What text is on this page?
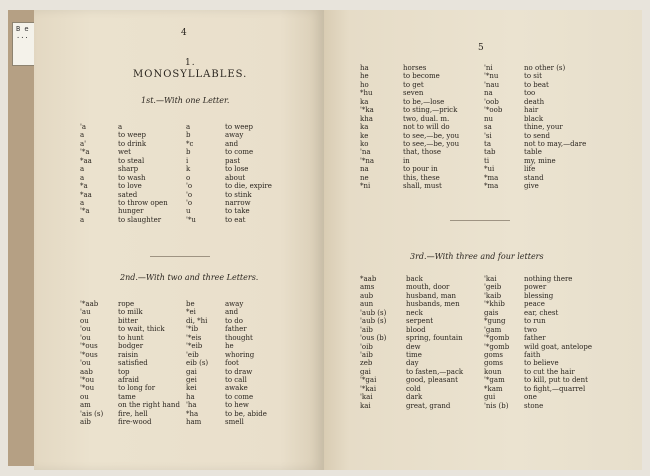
B e ...	4
1.
MONOSYLLABLES.
1st.—With one Letter.
'a
a
a'
'*a
*aa
a
a
*a
*aa
a
'*a
a
a
to weep
to drink
wet
to steal
sharp
to wash
to love
sated
to throw open
hunger
to slaughter
a
b
*c
b
i
k
o
'o
'o
'o
u
'*u
to weep
away
and
to come
past
to lose
about
to die, expire
to stink
narrow
to take
to eat
2nd.—With two and three Letters.
'*aab
'au
ou
'ou
'ou
'*ous
'*ous
'ou
aab
'*ou
'*ou
ou
am
'ais (s)
aib
rope
to milk
bitter
to wait, thick
to hunt
bodger
raisin
satisfied
top
afraid
to long for
tame
on the right hand
fire, hell
fire-wood
be
*ei
di, *hi
'*ib
'*eis
'*eib
'eib
eib (s)
gai
gei
kei
ha
'ha
*ha
ham
away
and
to do
father
thought
he
whoring
foot
to draw
to call
awake
to come
to hew
to be, abide
smell
5
ha
he
ho
*hu
ka
'*ka
kha
ka
ke
ko
'na
'*na
na
ne
*ni
horses
to become
to get
seven
to be,—lose
to sting,—prick
two, dual. m.
not to will do
to see,—be, you
to see,—be, you
that, those
in
to pour in
this, these
shall, must
'ni
'*nu
'nau
na
'oob
'*oob
nu
sa
'si
ta
tab
ti
*ui
*ma
*ma
no other (s)
to sit
to beat
too
death
hair
black
thine, your
to send
not to may,—dare
table
my, mine
life
stand
give
3rd.—With three and four letters
*aab
ams
aub
aun
'aub (s)
'aub (s)
'aib
'ous (b)
'oib
'aib
zeb
gai
'*gai
'*kai
'kai
kai
back
mouth, door
husband, man
husbands, men
neck
serpent
blood
spring, fountain
dew
time
day
to fasten,—pack
good, pleasant
cold
dark
great, grand
'kai
'geib
'kaib
'*khib
gais
*gung
'gam
'*gomb
'*gomb
goms
goms
koun
'*gam
*kam
gui
'nis (b)
nothing there
power
blessing
peace
ear, chest
to run
two
father
wild goat, antelope
faith
to believe
to cut the hair
to kill, put to dent
to fight,—quarrel
one
stone
